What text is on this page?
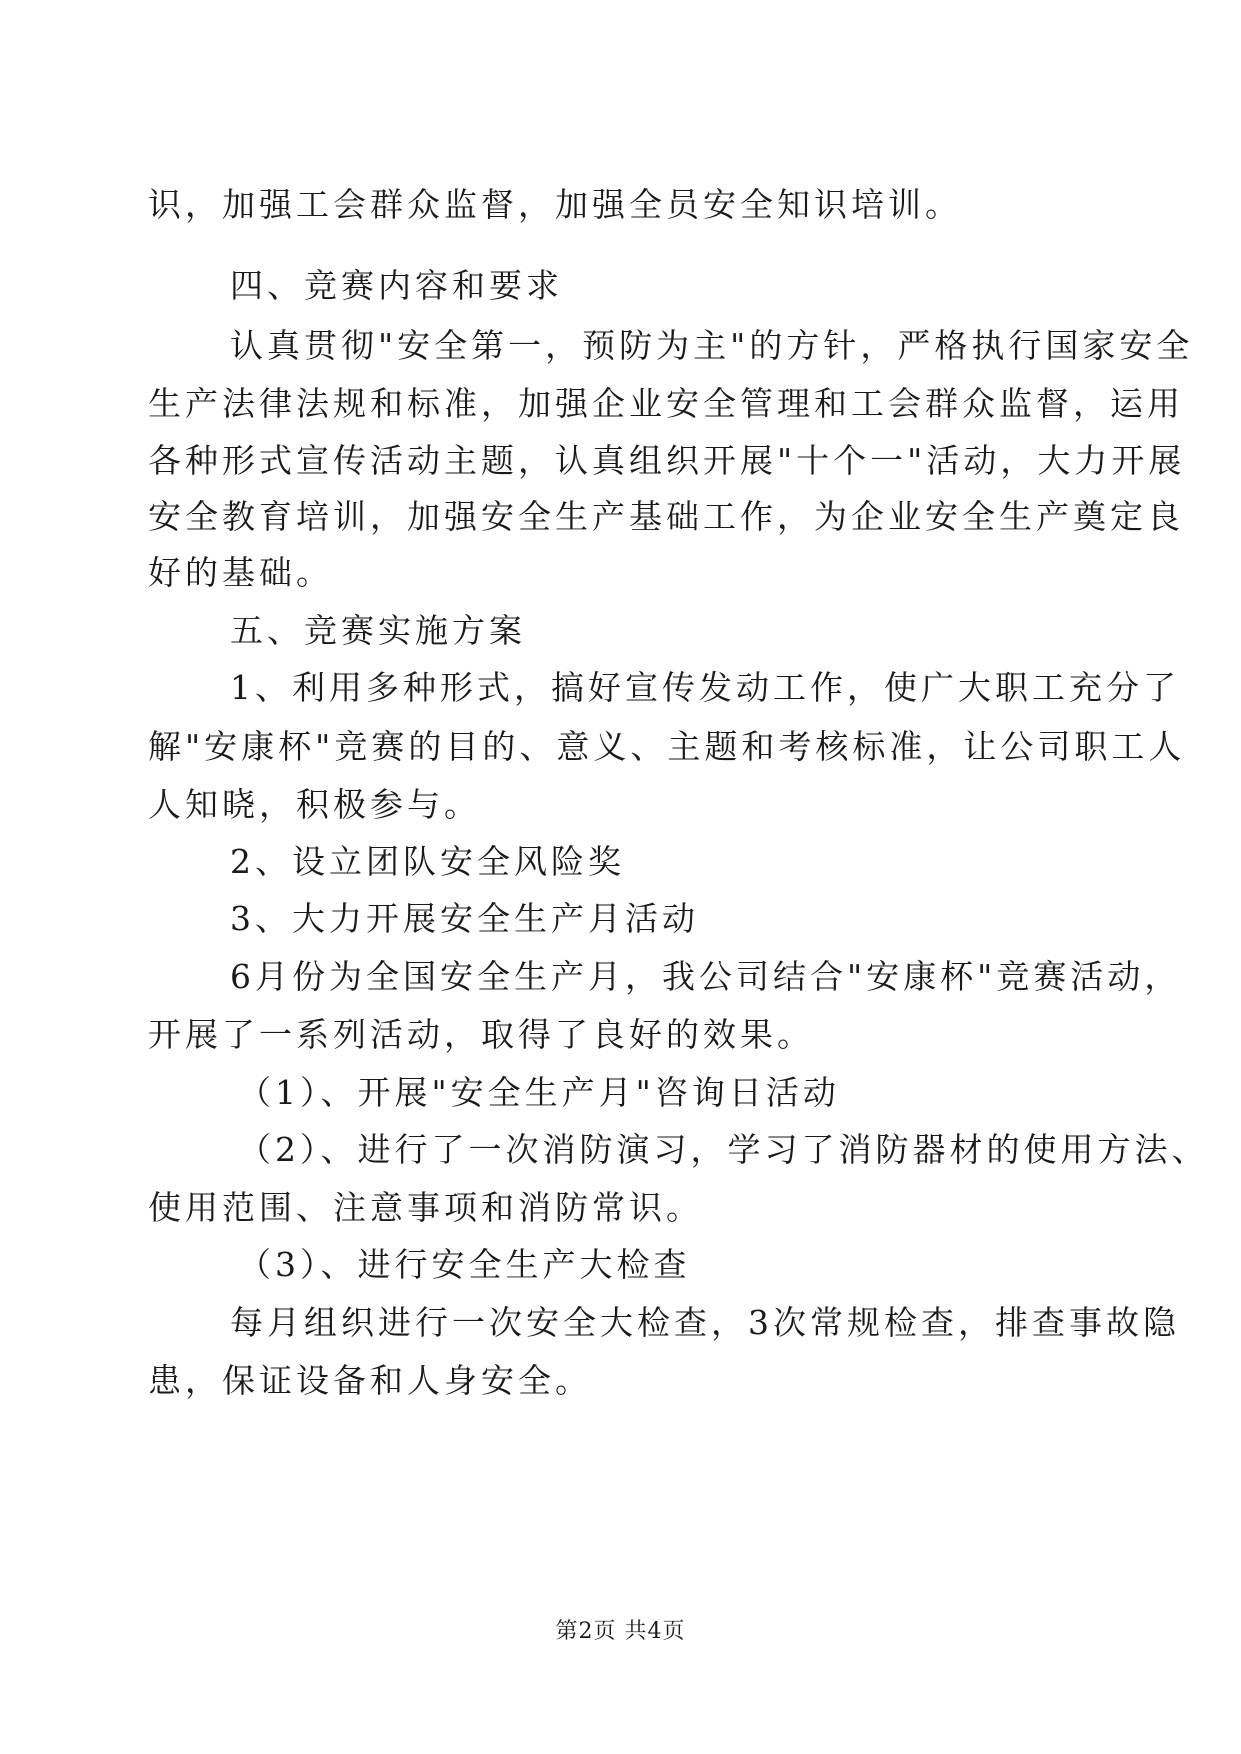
识，加强工会群众监督，加强全员安全知识培训。
四、竞赛内容和要求
认真贯彻"安全第一，预防为主"的方针，严格执行国家安全
生产法律法规和标准，加强企业安全管理和工会群众监督，运用
各种形式宣传活动主题，认真组织开展"十个一"活动，大力开展
安全教育培训，加强安全生产基础工作，为企业安全生产奠定良
好的基础。
五、竞赛实施方案
1、利用多种形式，搞好宣传发动工作，使广大职工充分了
解"安康杯"竞赛的目的、意义、主题和考核标准，让公司职工人
人知晓，积极参与。
2、设立团队安全风险奖
3、大力开展安全生产月活动
6月份为全国安全生产月，我公司结合"安康杯"竞赛活动，
开展了一系列活动，取得了良好的效果。
（1）、开展"安全生产月"咨询日活动
（2）、进行了一次消防演习，学习了消防器材的使用方法、
使用范围、注意事项和消防常识。
（3）、进行安全生产大检查
每月组织进行一次安全大检查，3次常规检查，排查事故隐
患，保证设备和人身安全。
第2页 共4页
